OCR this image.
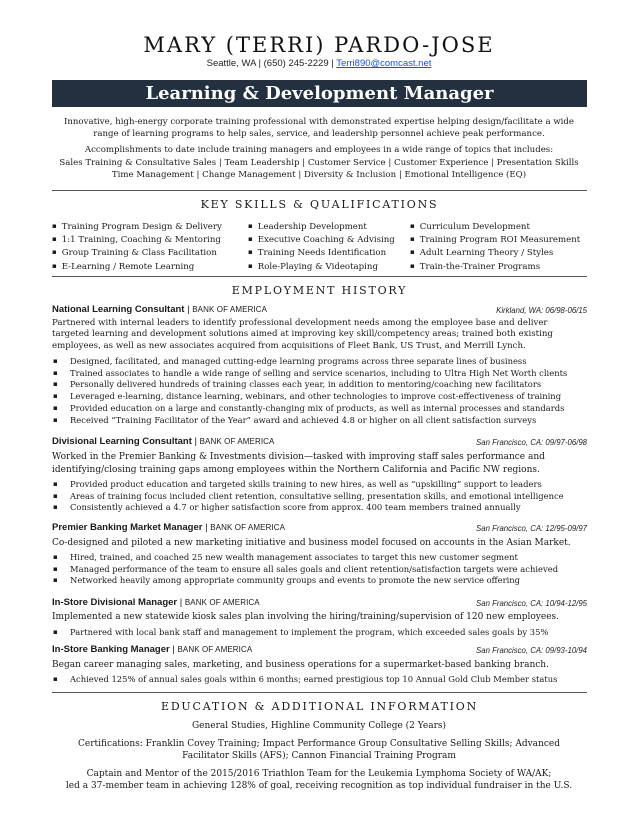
MARY (TERRI) PARDO-JOSE
Seattle, WA | (650) 245-2229 | Terri890@comcast.net
Learning & Development Manager
Innovative, high-energy corporate training professional with demonstrated expertise helping design/facilitate a wide
range of learning programs to help sales, service, and leadership personnel achieve peak performance.
Accomplishments to date include training managers and employees in a wide range of topics that includes:
Sales Training & Consultative Sales | Team Leadership | Customer Service | Customer Experience | Presentation Skills
Time Management | Change Management | Diversity & Inclusion | Emotional Intelligence (EQ)
KEY SKILLS & QUALIFICATIONS
▪ Training Program Design & Delivery
▪ 1:1 Training, Coaching & Mentoring
▪ Group Training & Class Facilitation
▪ E-Learning / Remote Learning
▪ Leadership Development
▪ Executive Coaching & Advising
▪ Training Needs Identification
▪ Role-Playing & Videotaping
▪ Curriculum Development
▪ Training Program ROI Measurement
▪ Adult Learning Theory / Styles
▪ Train-the-Trainer Programs
EMPLOYMENT HISTORY
National Learning Consultant | BANK OF AMERICA	Kirkland, WA: 06/98-06/15
Partnered with internal leaders to identify professional development needs among the employee base and deliver
targeted learning and development solutions aimed at improving key skill/competency areas; trained both existing
employees, as well as new associates acquired from acquisitions of Fleet Bank, US Trust, and Merrill Lynch.
▪ Designed, facilitated, and managed cutting-edge learning programs across three separate lines of business
▪ Trained associates to handle a wide range of selling and service scenarios, including to Ultra High Net Worth clients
▪ Personally delivered hundreds of training classes each year, in addition to mentoring/coaching new facilitators
▪ Leveraged e-learning, distance learning, webinars, and other technologies to improve cost-effectiveness of training
▪ Provided education on a large and constantly-changing mix of products, as well as internal processes and standards
▪ Received “Training Facilitator of the Year” award and achieved 4.8 or higher on all client satisfaction surveys
Divisional Learning Consultant | BANK OF AMERICA	San Francisco, CA: 09/97-06/98
Worked in the Premier Banking & Investments division—tasked with improving staff sales performance and
identifying/closing training gaps among employees within the Northern California and Pacific NW regions.
▪ Provided product education and targeted skills training to new hires, as well as “upskilling” support to leaders
▪ Areas of training focus included client retention, consultative selling, presentation skills, and emotional intelligence
▪ Consistently achieved a 4.7 or higher satisfaction score from approx. 400 team members trained annually
Premier Banking Market Manager | BANK OF AMERICA	San Francisco, CA: 12/95-09/97
Co-designed and piloted a new marketing initiative and business model focused on accounts in the Asian Market.
▪ Hired, trained, and coached 25 new wealth management associates to target this new customer segment
▪ Managed performance of the team to ensure all sales goals and client retention/satisfaction targets were achieved
▪ Networked heavily among appropriate community groups and events to promote the new service offering
In-Store Divisional Manager | BANK OF AMERICA	San Francisco, CA: 10/94-12/95
Implemented a new statewide kiosk sales plan involving the hiring/training/supervision of 120 new employees.
▪ Partnered with local bank staff and management to implement the program, which exceeded sales goals by 35%
In-Store Banking Manager | BANK OF AMERICA	San Francisco, CA: 09/93-10/94
Began career managing sales, marketing, and business operations for a supermarket-based banking branch.
▪ Achieved 125% of annual sales goals within 6 months; earned prestigious top 10 Annual Gold Club Member status
EDUCATION & ADDITIONAL INFORMATION
General Studies, Highline Community College (2 Years)
Certifications: Franklin Covey Training; Impact Performance Group Consultative Selling Skills; Advanced
Facilitator Skills (AFS); Cannon Financial Training Program
Captain and Mentor of the 2015/2016 Triathlon Team for the Leukemia Lymphoma Society of WA/AK;
led a 37-member team in achieving 128% of goal, receiving recognition as top individual fundraiser in the U.S.
